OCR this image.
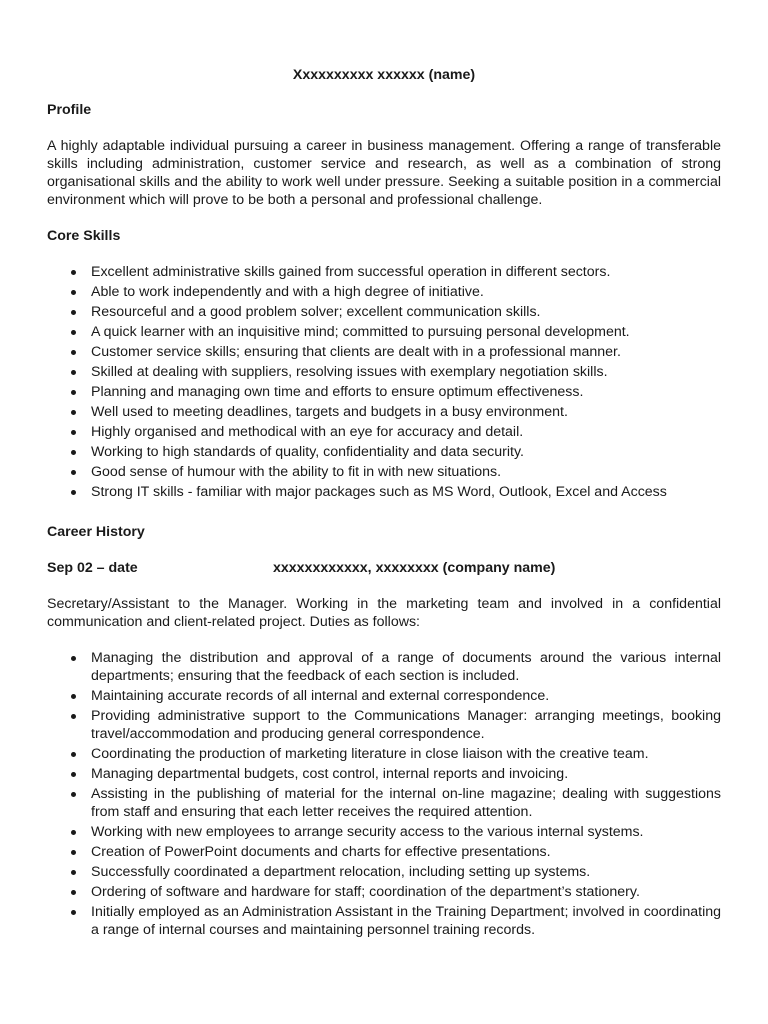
Xxxxxxxxxx xxxxxx (name)
Profile
A highly adaptable individual pursuing a career in business management. Offering a range of transferable skills including administration, customer service and research, as well as a combination of strong organisational skills and the ability to work well under pressure. Seeking a suitable position in a commercial environment which will prove to be both a personal and professional challenge.
Core Skills
Excellent administrative skills gained from successful operation in different sectors.
Able to work independently and with a high degree of initiative.
Resourceful and a good problem solver; excellent communication skills.
A quick learner with an inquisitive mind; committed to pursuing personal development.
Customer service skills; ensuring that clients are dealt with in a professional manner.
Skilled at dealing with suppliers, resolving issues with exemplary negotiation skills.
Planning and managing own time and efforts to ensure optimum effectiveness.
Well used to meeting deadlines, targets and budgets in a busy environment.
Highly organised and methodical with an eye for accuracy and detail.
Working to high standards of quality, confidentiality and data security.
Good sense of humour with the ability to fit in with new situations.
Strong IT skills - familiar with major packages such as MS Word, Outlook, Excel and Access
Career History
Sep 02 – date	xxxxxxxxxxxx, xxxxxxxx (company name)
Secretary/Assistant to the Manager. Working in the marketing team and involved in a confidential communication and client-related project. Duties as follows:
Managing the distribution and approval of a range of documents around the various internal departments; ensuring that the feedback of each section is included.
Maintaining accurate records of all internal and external correspondence.
Providing administrative support to the Communications Manager: arranging meetings, booking travel/accommodation and producing general correspondence.
Coordinating the production of marketing literature in close liaison with the creative team.
Managing departmental budgets, cost control, internal reports and invoicing.
Assisting in the publishing of material for the internal on-line magazine; dealing with suggestions from staff and ensuring that each letter receives the required attention.
Working with new employees to arrange security access to the various internal systems.
Creation of PowerPoint documents and charts for effective presentations.
Successfully coordinated a department relocation, including setting up systems.
Ordering of software and hardware for staff; coordination of the department’s stationery.
Initially employed as an Administration Assistant in the Training Department; involved in coordinating a range of internal courses and maintaining personnel training records.
